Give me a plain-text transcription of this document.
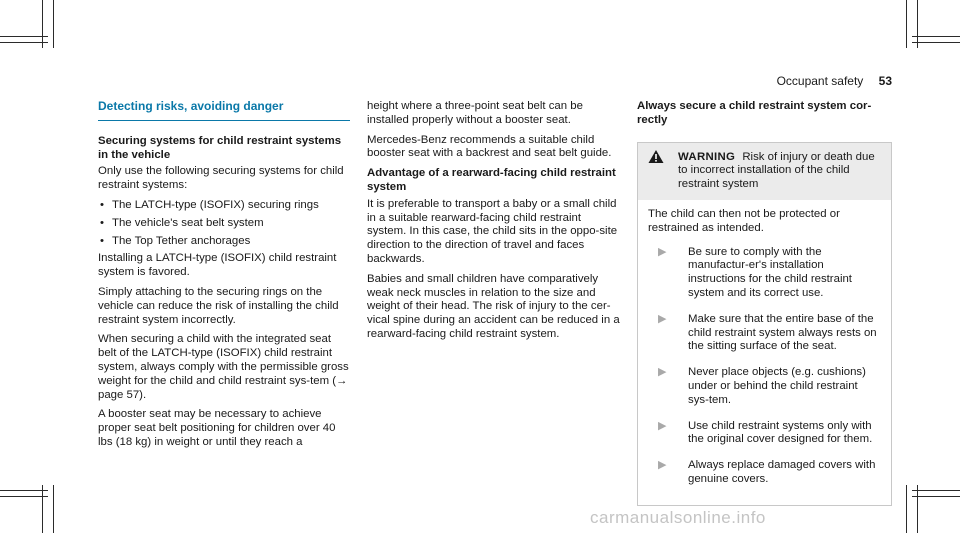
Occupant safety 53
Detecting risks, avoiding danger
Securing systems for child restraint systems in the vehicle

Only use the following securing systems for child restraint systems:

• The LATCH-type (ISOFIX) securing rings
• The vehicle's seat belt system
• The Top Tether anchorages

Installing a LATCH-type (ISOFIX) child restraint system is favored.

Simply attaching to the securing rings on the vehicle can reduce the risk of installing the child restraint system incorrectly.

When securing a child with the integrated seat belt of the LATCH-type (ISOFIX) child restraint system, always comply with the permissible gross weight for the child and child restraint sys-tem (→ page 57).

A booster seat may be necessary to achieve proper seat belt positioning for children over 40 lbs (18 kg) in weight or until they reach a

height where a three-point seat belt can be installed properly without a booster seat.

Mercedes-Benz recommends a suitable child booster seat with a backrest and seat belt guide.

Advantage of a rearward-facing child restraint system

It is preferable to transport a baby or a small child in a suitable rearward-facing child restraint system. In this case, the child sits in the oppo-site direction to the direction of travel and faces backwards.

Babies and small children have comparatively weak neck muscles in relation to the size and weight of their head. The risk of injury to the cer-vical spine during an accident can be reduced in a rearward-facing child restraint system.

Always secure a child restraint system cor-rectly
WARNING Risk of injury or death due to incorrect installation of the child restraint system

The child can then not be protected or restrained as intended.

▶ Be sure to comply with the manufactur-er's installation instructions for the child restraint system and its correct use.
▶ Make sure that the entire base of the child restraint system always rests on the sitting surface of the seat.
▶ Never place objects (e.g. cushions) under or behind the child restraint sys-tem.
▶ Use child restraint systems only with the original cover designed for them.
▶ Always replace damaged covers with genuine covers.
carmanualsonline.info
